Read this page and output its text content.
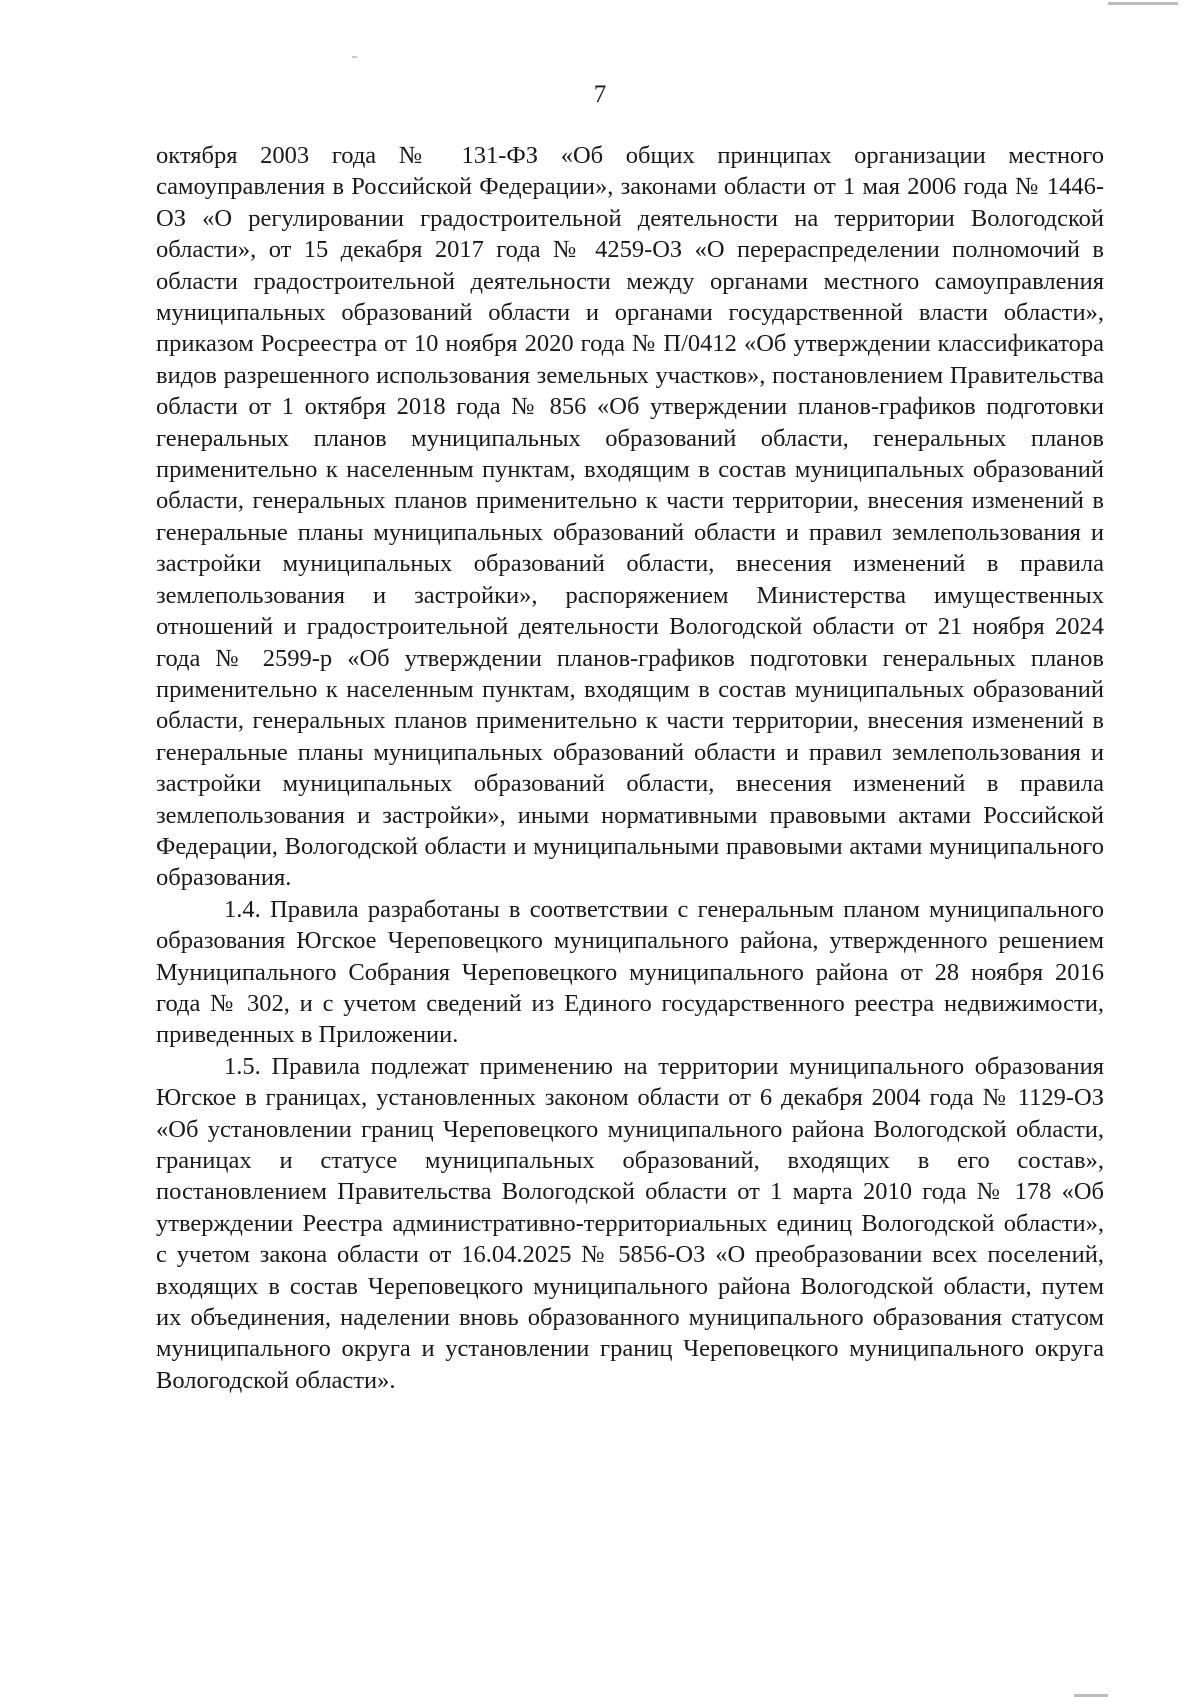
7

октября 2003 года № 131-ФЗ «Об общих принципах организации местного самоуправления в Российской Федерации», законами области от 1 мая 2006 года № 1446-ОЗ «О регулировании градостроительной деятельности на территории Вологодской области», от 15 декабря 2017 года № 4259-ОЗ «О перераспределении полномочий в области градостроительной деятельности между органами местного самоуправления муниципальных образований области и органами государственной власти области», приказом Росреестра от 10 ноября 2020 года № П/0412 «Об утверждении классификатора видов разрешенного использования земельных участков», постановлением Правительства области от 1 октября 2018 года № 856 «Об утверждении планов-графиков подготовки генеральных планов муниципальных образований области, генеральных планов применительно к населенным пунктам, входящим в состав муниципальных образований области, генеральных планов применительно к части территории, внесения изменений в генеральные планы муниципальных образований области и правил землепользования и застройки муниципальных образований области, внесения изменений в правила землепользования и застройки», распоряжением Министерства имущественных отношений и градостроительной деятельности Вологодской области от 21 ноября 2024 года № 2599-р «Об утверждении планов-графиков подготовки генеральных планов применительно к населенным пунктам, входящим в состав муниципальных образований области, генеральных планов применительно к части территории, внесения изменений в генеральные планы муниципальных образований области и правил землепользования и застройки муниципальных образований области, внесения изменений в правила землепользования и застройки», иными нормативными правовыми актами Российской Федерации, Вологодской области и муниципальными правовыми актами муниципального образования.

1.4. Правила разработаны в соответствии с генеральным планом муниципального образования Югское Череповецкого муниципального района, утвержденного решением Муниципального Собрания Череповецкого муниципального района от 28 ноября 2016 года № 302, и с учетом сведений из Единого государственного реестра недвижимости, приведенных в Приложении.

1.5. Правила подлежат применению на территории муниципального образования Югское в границах, установленных законом области от 6 декабря 2004 года № 1129-ОЗ «Об установлении границ Череповецкого муниципального района Вологодской области, границах и статусе муниципальных образований, входящих в его состав», постановлением Правительства Вологодской области от 1 марта 2010 года № 178 «Об утверждении Реестра административно-территориальных единиц Вологодской области», с учетом закона области от 16.04.2025 № 5856-ОЗ «О преобразовании всех поселений, входящих в состав Череповецкого муниципального района Вологодской области, путем их объединения, наделении вновь образованного муниципального образования статусом муниципального округа и установлении границ Череповецкого муниципального округа Вологодской области».
